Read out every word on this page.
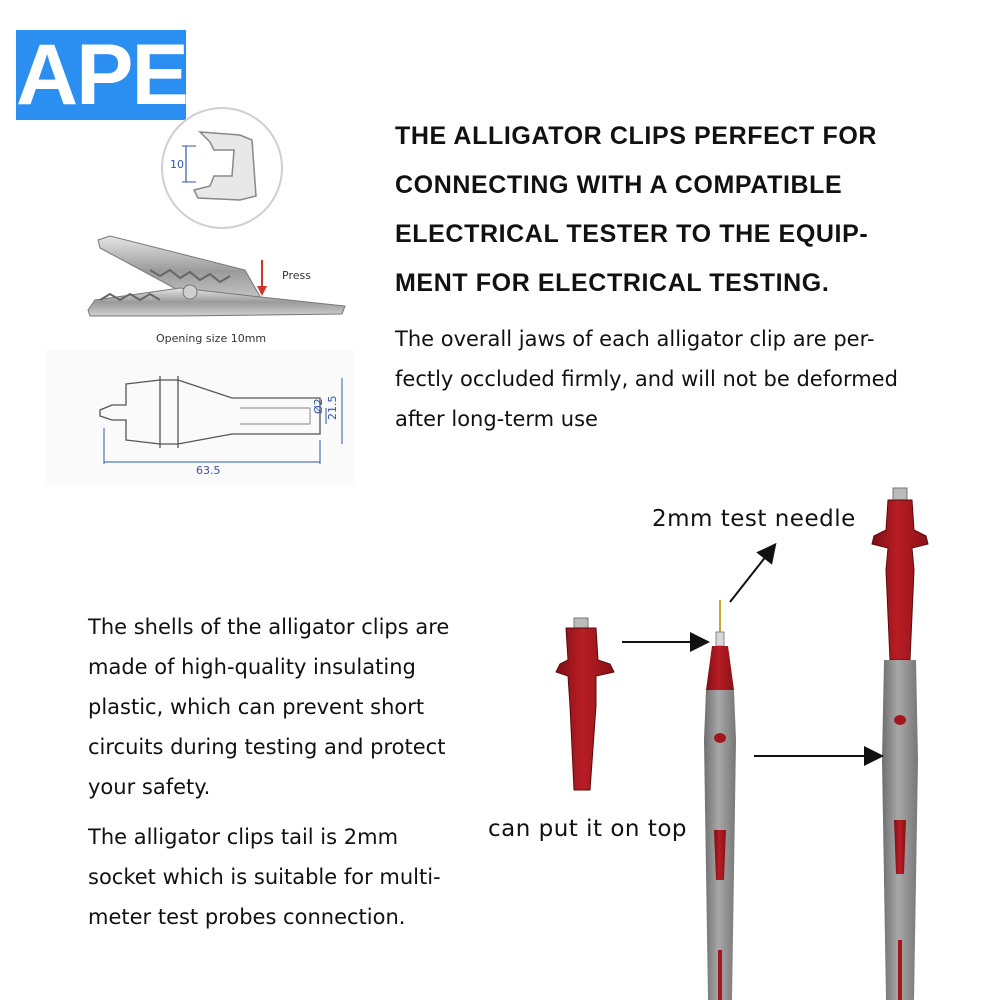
APE
THE ALLIGATOR CLIPS PERFECT FOR
CONNECTING WITH A COMPATIBLE
ELECTRICAL TESTER TO THE EQUIP-
MENT FOR ELECTRICAL TESTING.
The overall jaws of each alligator clip are per-
fectly occluded firmly, and will not be deformed
after long-term use
The shells of the alligator clips are
made of high-quality insulating
plastic, which can prevent short
circuits during testing and protect
your safety.
The alligator clips tail is 2mm
socket which is suitable for multi-
meter test probes connection.
10
Press
Opening size 10mm
63.5
21.5
Ø2
2mm test needle
can put it on top
